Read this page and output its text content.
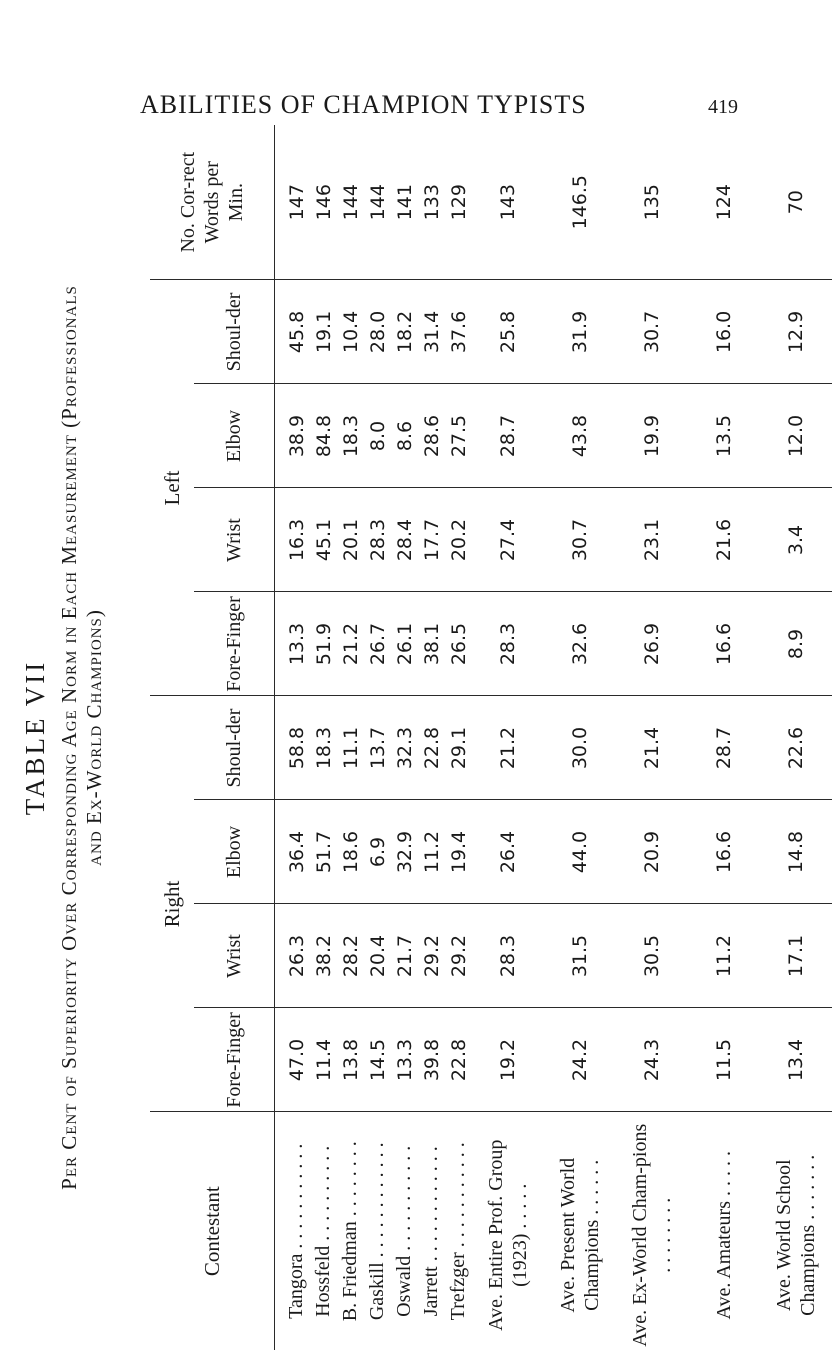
ABILITIES OF CHAMPION TYPISTS	419
TABLE VII Per Cent of Superiority Over Corresponding Age Norm in Each Measurement (Professionals and Ex-World Champions)
Contestant	Right				Left				No. Cor-rect Words per Min.
	Fore-Finger	Wrist	Elbow	Shoul-der	Fore-Finger	Wrist	Elbow	Shoul-der	
Tangora . . . . . . . . . . .	47.0	26.3	36.4	58.8	13.3	16.3	38.9	45.8	147
Hossfeld . . . . . . . . . .	11.4	38.2	51.7	18.3	51.9	45.1	84.8	19.1	146
B. Friedman . . . . . . . .	13.8	28.2	18.6	11.1	21.2	20.1	18.3	10.4	144
Gaskill . . . . . . . . . . . .	14.5	20.4	6.9	13.7	26.7	28.3	8.0	28.0	144
Oswald . . . . . . . . . . .	13.3	21.7	32.9	32.3	26.1	28.4	8.6	18.2	141
Jarrett . . . . . . . . . . . .	39.8	29.2	11.2	22.8	38.1	17.7	28.6	31.4	133
Trefzger . . . . . . . . . . .	22.8	29.2	19.4	29.1	26.5	20.2	27.5	37.6	129
Ave. Entire Prof. Group (1923) . . . . .	19.2	28.3	26.4	21.2	28.3	27.4	28.7	25.8	143
Ave. Present World Champions . . . . . .	24.2	31.5	44.0	30.0	32.6	30.7	43.8	31.9	146.5
Ave. Ex-World Cham-pions . . . . . . . .	24.3	30.5	20.9	21.4	26.9	23.1	19.9	30.7	135
Ave. Amateurs . . . . .	11.5	11.2	16.6	28.7	16.6	21.6	13.5	16.0	124
Ave. World School Champions . . . . . . .	13.4	17.1	14.8	22.6	8.9	3.4	12.0	12.9	70
